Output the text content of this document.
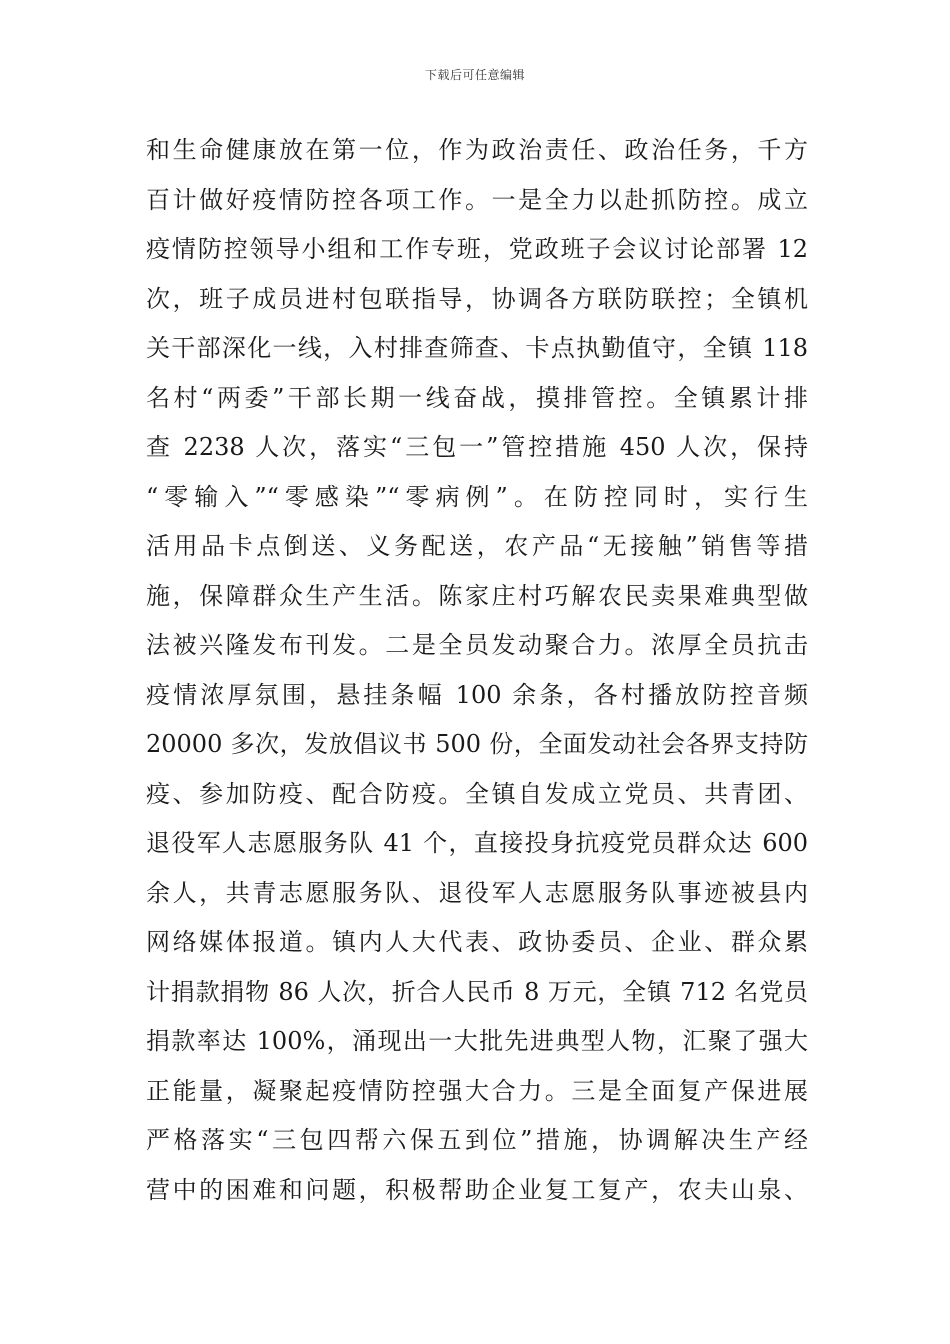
下载后可任意编辑
和生命健康放在第一位，作为政治责任、政治任务，千方
百计做好疫情防控各项工作。一是全力以赴抓防控。成立
疫情防控领导小组和工作专班，党政班子会议讨论部署 12
次，班子成员进村包联指导，协调各方联防联控；全镇机
关干部深化一线，入村排查筛查、卡点执勤值守，全镇 118
名村“两委”干部长期一线奋战，摸排管控。全镇累计排
查 2238 人次，落实“三包一”管控措施 450 人次，保持
“零输入”“零感染”“零病例”。在防控同时，实行生
活用品卡点倒送、义务配送，农产品“无接触”销售等措
施，保障群众生产生活。陈家庄村巧解农民卖果难典型做
法被兴隆发布刊发。二是全员发动聚合力。浓厚全员抗击
疫情浓厚氛围，悬挂条幅 100 余条，各村播放防控音频
20000 多次，发放倡议书 500 份，全面发动社会各界支持防
疫、参加防疫、配合防疫。全镇自发成立党员、共青团、
退役军人志愿服务队 41 个，直接投身抗疫党员群众达 600
余人，共青志愿服务队、退役军人志愿服务队事迹被县内
网络媒体报道。镇内人大代表、政协委员、企业、群众累
计捐款捐物 86 人次，折合人民币 8 万元，全镇 712 名党员
捐款率达 100%，涌现出一大批先进典型人物，汇聚了强大
正能量，凝聚起疫情防控强大合力。三是全面复产保进展
严格落实“三包四帮六保五到位”措施，协调解决生产经
营中的困难和问题，积极帮助企业复工复产，农夫山泉、
